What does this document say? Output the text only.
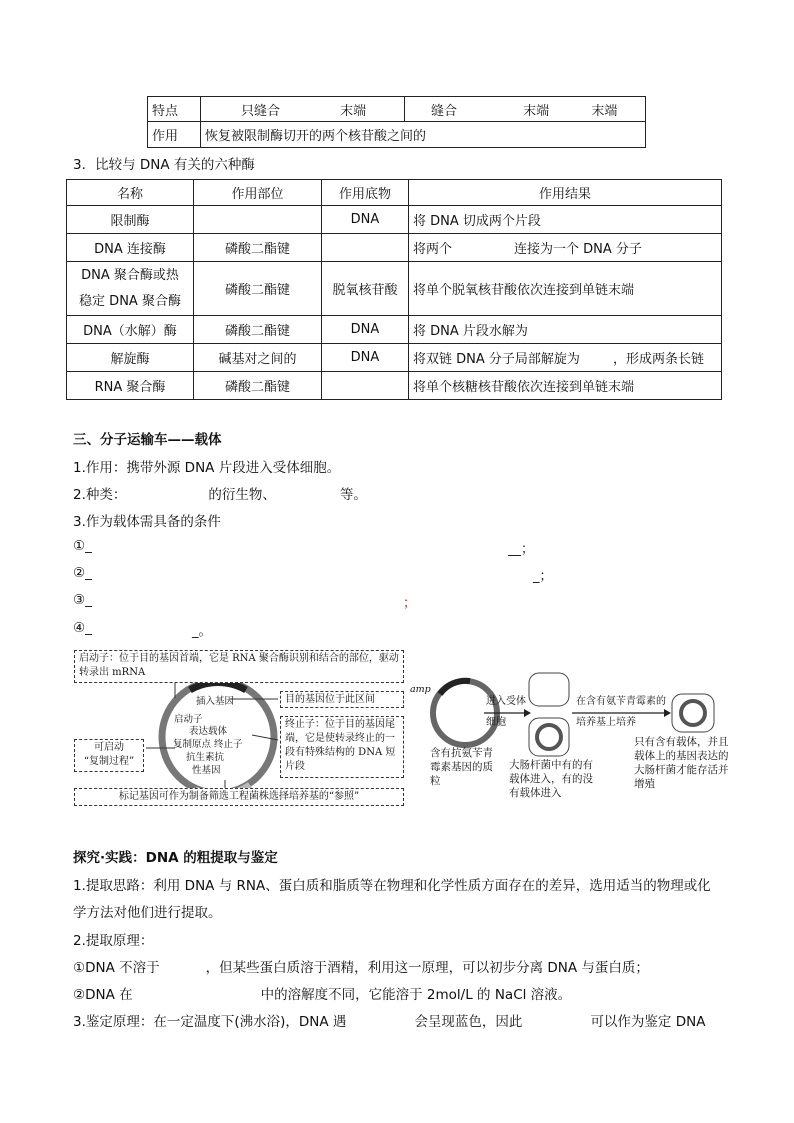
特点	只缝合 末端	缝合 末端 末端
作用	恢复被限制酶切开的两个核苷酸之间的	
3．比较与 DNA 有关的六种酶
名称	作用部位	作用底物	作用结果
限制酶		DNA	将 DNA 切成两个片段
DNA 连接酶	磷酸二酯键		将两个               连接为一个 DNA 分子

DNA 聚合酶或热
稳定 DNA 聚合酶	磷酸二酯键	脱氧核苷酸	将单个脱氧核苷酸依次连接到单链末端
DNA（水解）酶	磷酸二酯键	DNA	将 DNA 片段水解为
解旋酶	碱基对之间的	DNA	将双链 DNA 分子局部解旋为        ，形成两条长链
RNA 聚合酶	磷酸二酯键		将单个核糖核苷酸依次连接到单链末端
三、分子运输车——载体
1.作用：携带外源 DNA 片段进入受体细胞。
2.种类：	的衍生物、	等。
3.作为载体需具备的条件
①_	__；
②_	_；
③_	；
④_	_。
启动子：位于目的基因首端，它是 RNA 聚合酶识别和结合的部位，驱动转录出 mRNA
目的基因位于此区间
终止子：位于目的基因尾端，它是使转录终止的一段有特殊结构的 DNA 短片段
可启动
“复制过程”
标记基因可作为制备筛选工程菌株选择培养基的“参照”
插入基因
启动子
表达载体
复制原点 终止子
抗生素抗
性基因
amp
进入受体细胞
在含有氨苄青霉素的培养基上培养
含有抗氨苄青霉素基因的质粒
大肠杆菌中有的有载体进入，有的没有载体进入
只有含有载体，并且载体上的基因表达的大肠杆菌才能存活并增殖
探究·实践：DNA 的粗提取与鉴定
1.提取思路：利用 DNA 与 RNA、蛋白质和脂质等在物理和化学性质方面存在的差异，选用适当的物理或化
学方法对他们进行提取。
2.提取原理：
①DNA 不溶于	，但某些蛋白质溶于酒精，利用这一原理，可以初步分离 DNA 与蛋白质；
②DNA 在	中的溶解度不同，它能溶于 2mol/L 的 NaCl 溶液。
3.鉴定原理：在一定温度下(沸水浴)，DNA 遇	会呈现蓝色，因此	可以作为鉴定 DNA
